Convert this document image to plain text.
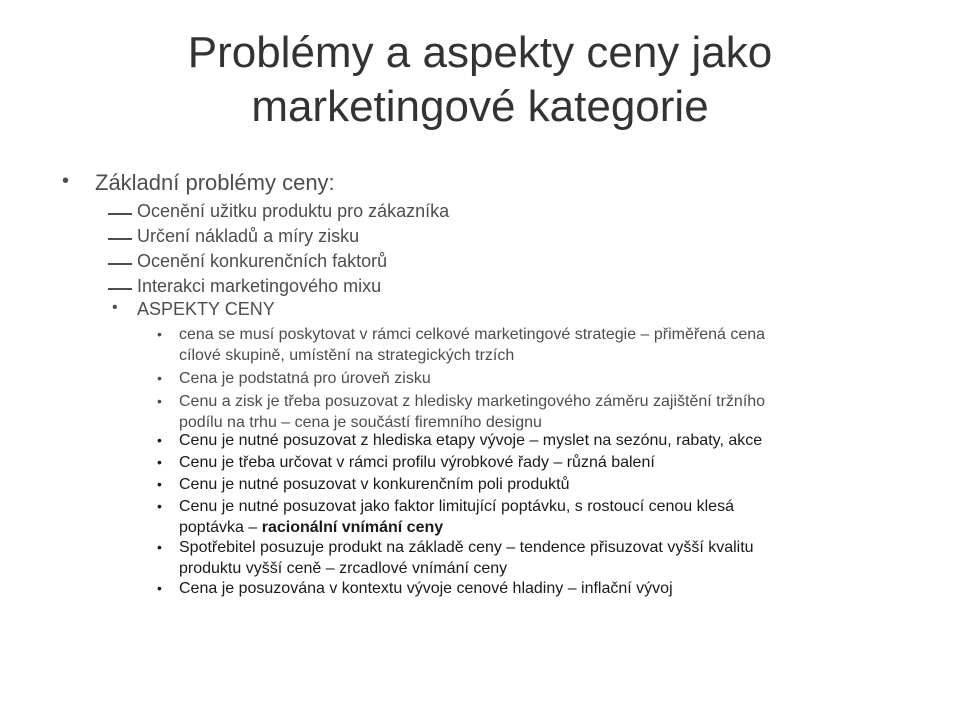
Problémy a aspekty ceny jako
marketingové kategorie
• Základní problémy ceny:
Ocenění užitku produktu pro zákazníka
Určení nákladů a míry zisku
Ocenění konkurenčních faktorů
Interakci marketingového mixu
• ASPEKTY CENY
• cena se musí poskytovat v rámci celkové marketingové strategie – přiměřená cena
cílové skupině, umístění na strategických trzích
• Cena je podstatná pro úroveň zisku
• Cenu a zisk je třeba posuzovat z hledisky marketingového záměru zajištění tržního
podílu na trhu – cena je součástí firemního designu
• Cenu je nutné posuzovat z hlediska etapy vývoje – myslet na sezónu, rabaty, akce
• Cenu je třeba určovat v rámci profilu výrobkové řady – různá balení
• Cenu je nutné posuzovat v konkurenčním poli produktů
• Cenu je nutné posuzovat jako faktor limitující poptávku, s rostoucí cenou klesá
poptávka – racionální vnímání ceny
• Spotřebitel posuzuje produkt na základě ceny – tendence přisuzovat vyšší kvalitu
produktu vyšší ceně – zrcadlové vnímání ceny
• Cena je posuzována v kontextu vývoje cenové hladiny – inflační vývoj
